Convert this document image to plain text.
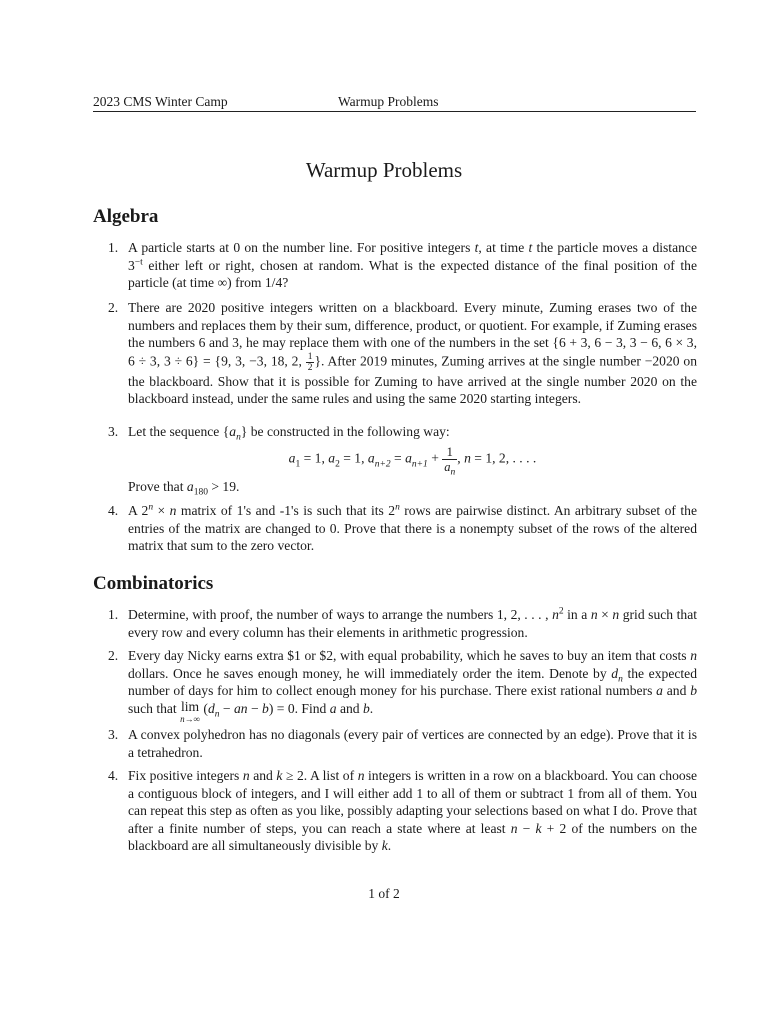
2023 CMS Winter Camp	Warmup Problems
Warmup Problems
Algebra
1. A particle starts at 0 on the number line. For positive integers t, at time t the particle moves a distance $3^{-t}$ either left or right, chosen at random. What is the expected distance of the final position of the particle (at time ∞) from 1/4?
2. There are 2020 positive integers written on a blackboard. Every minute, Zuming erases two of the numbers and replaces them by their sum, difference, product, or quotient. For example, if Zuming erases the numbers 6 and 3, he may replace them with one of the numbers in the set {6 + 3, 6 − 3, 3 − 6, 6 × 3, 6 ÷ 3, 3 ÷ 6} = {9, 3, −3, 18, 2, $\frac{1}{2}$ }. After 2019 minutes, Zuming arrives at the single number −2020 on the blackboard. Show that it is possible for Zuming to have arrived at the single number 2020 on the blackboard instead, under the same rules and using the same 2020 starting integers.
3. Let the sequence $\{a_n\}$ be constructed in the following way:
$a_1 = 1$, $a_2 = 1$, $a_{n+2} = a_{n+1} + \frac{1}{a_n}$ , n = 1, 2, . . . .
Prove that $a_{180} > 19$.
4. A $2^n \times n$ matrix of 1's and -1's is such that its 2$^n$ rows are pairwise distinct. An arbitrary subset of the entries of the matrix are changed to 0. Prove that there is a nonempty subset of the rows of the altered matrix that sum to the zero vector.
Combinatorics
1. Determine, with proof, the number of ways to arrange the numbers 1, 2, . . . , $n^2$ in a n × n grid such that every row and every column has their elements in arithmetic progression.
2. Every day Nicky earns extra $1 or $2, with equal probability, which he saves to buy an item that costs n dollars. Once he saves enough money, he will immediately order the item. Denote by $d_n$ the expected number of days for him to collect enough money for his purchase. There exist rational numbers a and b such that lim
n→∞
($d_n$ − an − b) = 0. Find a and b.
3. A convex polyhedron has no diagonals (every pair of vertices are connected by an edge). Prove that it is a tetrahedron.
4. Fix positive integers n and k ≥ 2. A list of n integers is written in a row on a blackboard. You can choose a contiguous block of integers, and I will either add 1 to all of them or subtract 1 from all of them. You can repeat this step as often as you like, possibly adapting your selections based on what I do. Prove that after a finite number of steps, you can reach a state where at least n − k + 2 of the numbers on the blackboard are all simultaneously divisible by k.
1 of 2
